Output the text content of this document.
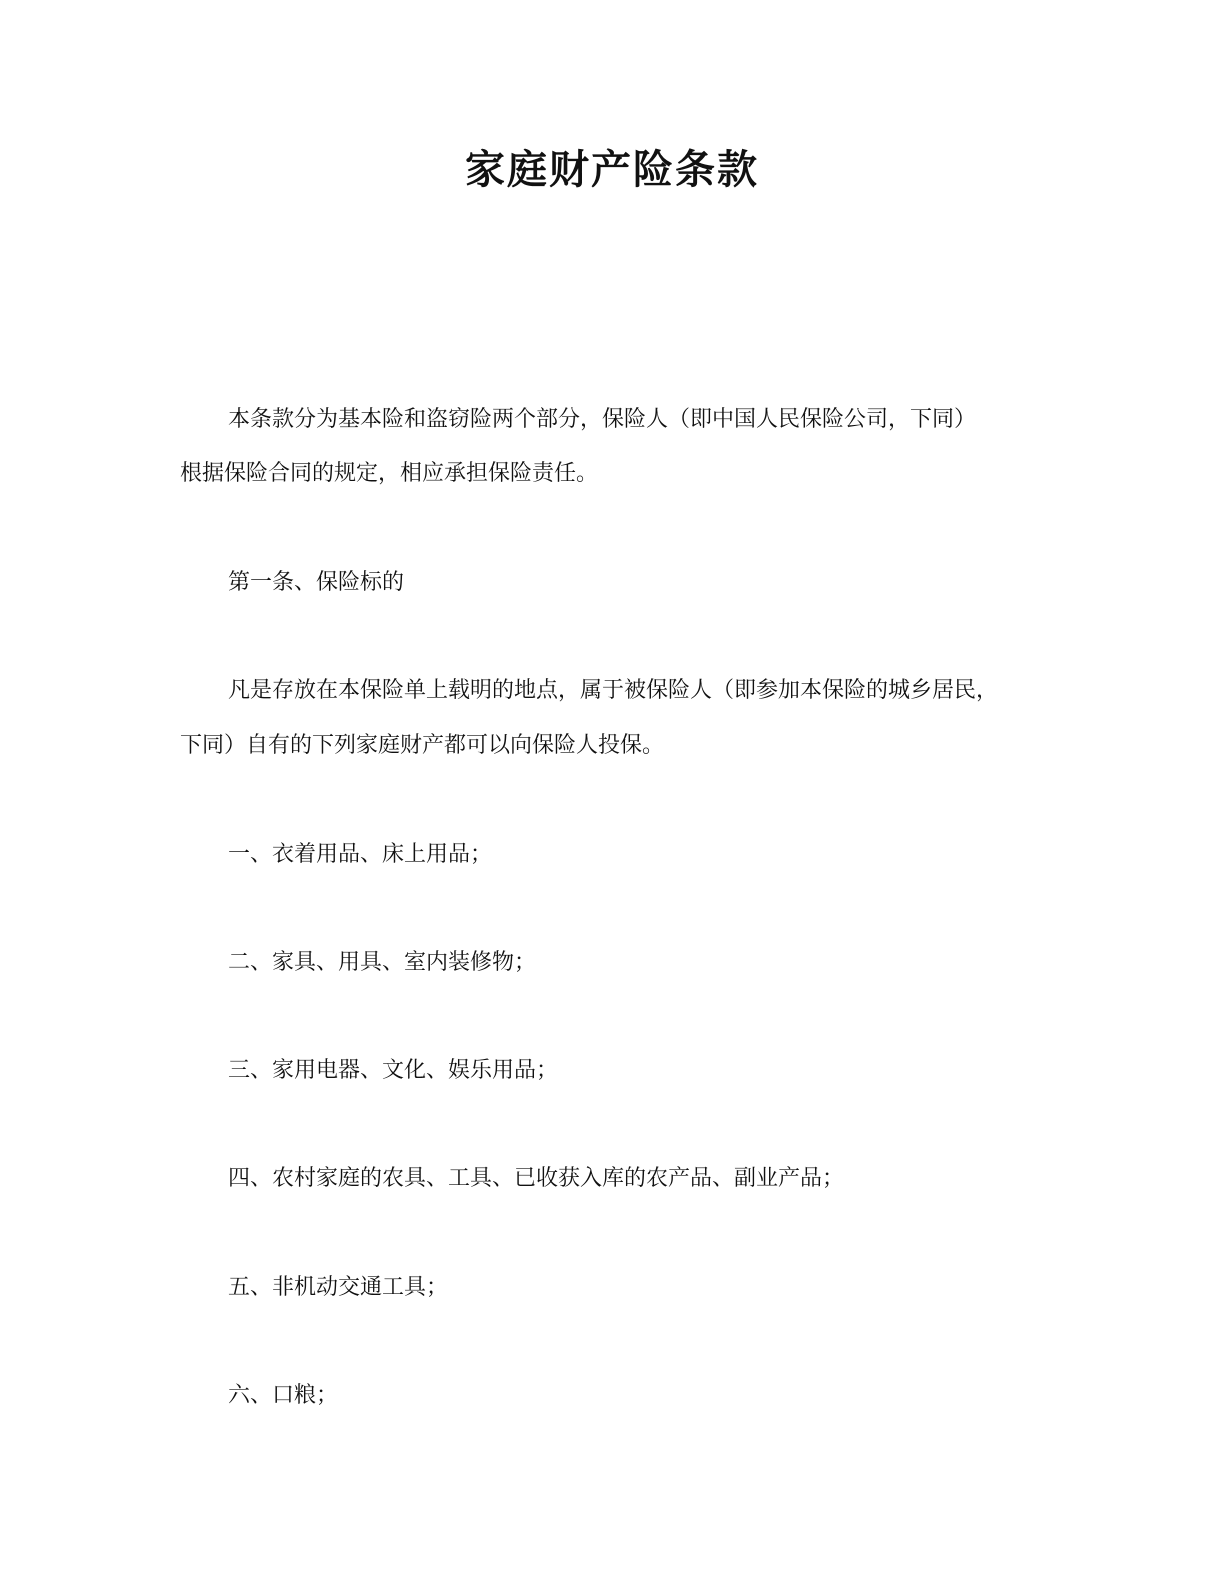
家庭财产险条款
本条款分为基本险和盗窃险两个部分，保险人（即中国人民保险公司，下同）
根据保险合同的规定，相应承担保险责任。
第一条、保险标的
凡是存放在本保险单上载明的地点，属于被保险人（即参加本保险的城乡居民，
下同）自有的下列家庭财产都可以向保险人投保。
一、衣着用品、床上用品；
二、家具、用具、室内装修物；
三、家用电器、文化、娱乐用品；
四、农村家庭的农具、工具、已收获入库的农产品、副业产品；
五、非机动交通工具；
六、口粮；
